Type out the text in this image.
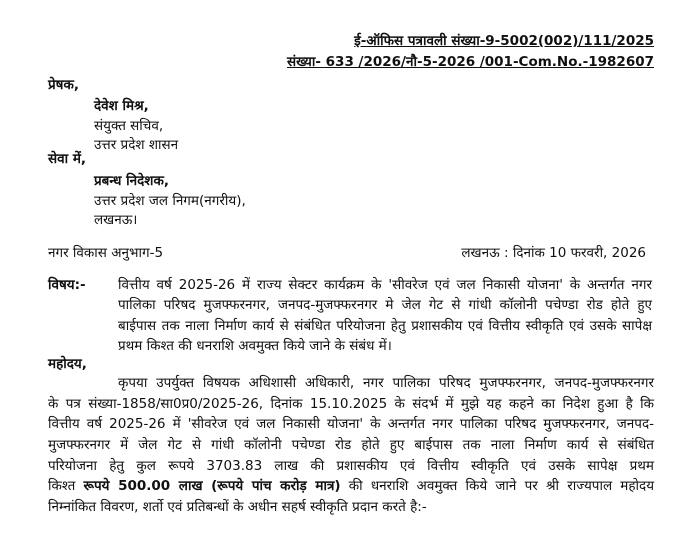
ई-ऑफिस पत्रावली संख्या-9-5002(002)/111/2025
संख्या- 633 /2026/नौ-5-2026 /001-Com.No.-1982607
प्रेषक,
देवेश मिश्र,
संयुक्त सचिव,
उत्तर प्रदेश शासन
सेवा में,
प्रबन्ध निदेशक,
उत्तर प्रदेश जल निगम(नगरीय),
लखनऊ।
नगर विकास अनुभाग-5	लखनऊ : दिनांक 10 फरवरी, 2026
विषय:- वित्तीय वर्ष 2025-26 में राज्य सेक्टर कार्यक्रम के 'सीवरेज एवं जल निकासी योजना' के अन्तर्गत नगर
पालिका परिषद मुजफ्फरनगर, जनपद-मुजफ्फरनगर मे जेल गेट से गांधी कॉलोनी पचेण्डा रोड होते हुए
बाईपास तक नाला निर्माण कार्य से संबंधित परियोजना हेतु प्रशासकीय एवं वित्तीय स्वीकृति एवं उसके सापेक्ष
प्रथम किश्त की धनराशि अवमुक्त किये जाने के संबंध में।
महोदय,
कृपया उपर्युक्त विषयक अधिशासी अधिकारी, नगर पालिका परिषद मुजफ्फरनगर, जनपद-मुजफ्फरनगर
के पत्र संख्या-1858/सा0प्र0/2025-26, दिनांक 15.10.2025 के संदर्भ में मुझे यह कहने का निदेश हुआ है कि
वित्तीय वर्ष 2025-26 में 'सीवरेज एवं जल निकासी योजना' के अन्तर्गत नगर पालिका परिषद मुजफ्फरनगर, जनपद-
मुजफ्फरनगर में जेल गेट से गांधी कॉलोनी पचेण्डा रोड होते हुए बाईपास तक नाला निर्माण कार्य से संबंधित
परियोजना हेतु कुल रूपये 3703.83 लाख की प्रशासकीय एवं वित्तीय स्वीकृति एवं उसके सापेक्ष प्रथम
किश्त रूपये 500.00 लाख (रूपये पांच करोड़ मात्र) की धनराशि अवमुक्त किये जाने पर श्री राज्यपाल महोदय
निम्नांकित विवरण, शर्तो एवं प्रतिबन्धों के अधीन सहर्ष स्वीकृति प्रदान करते है:-
